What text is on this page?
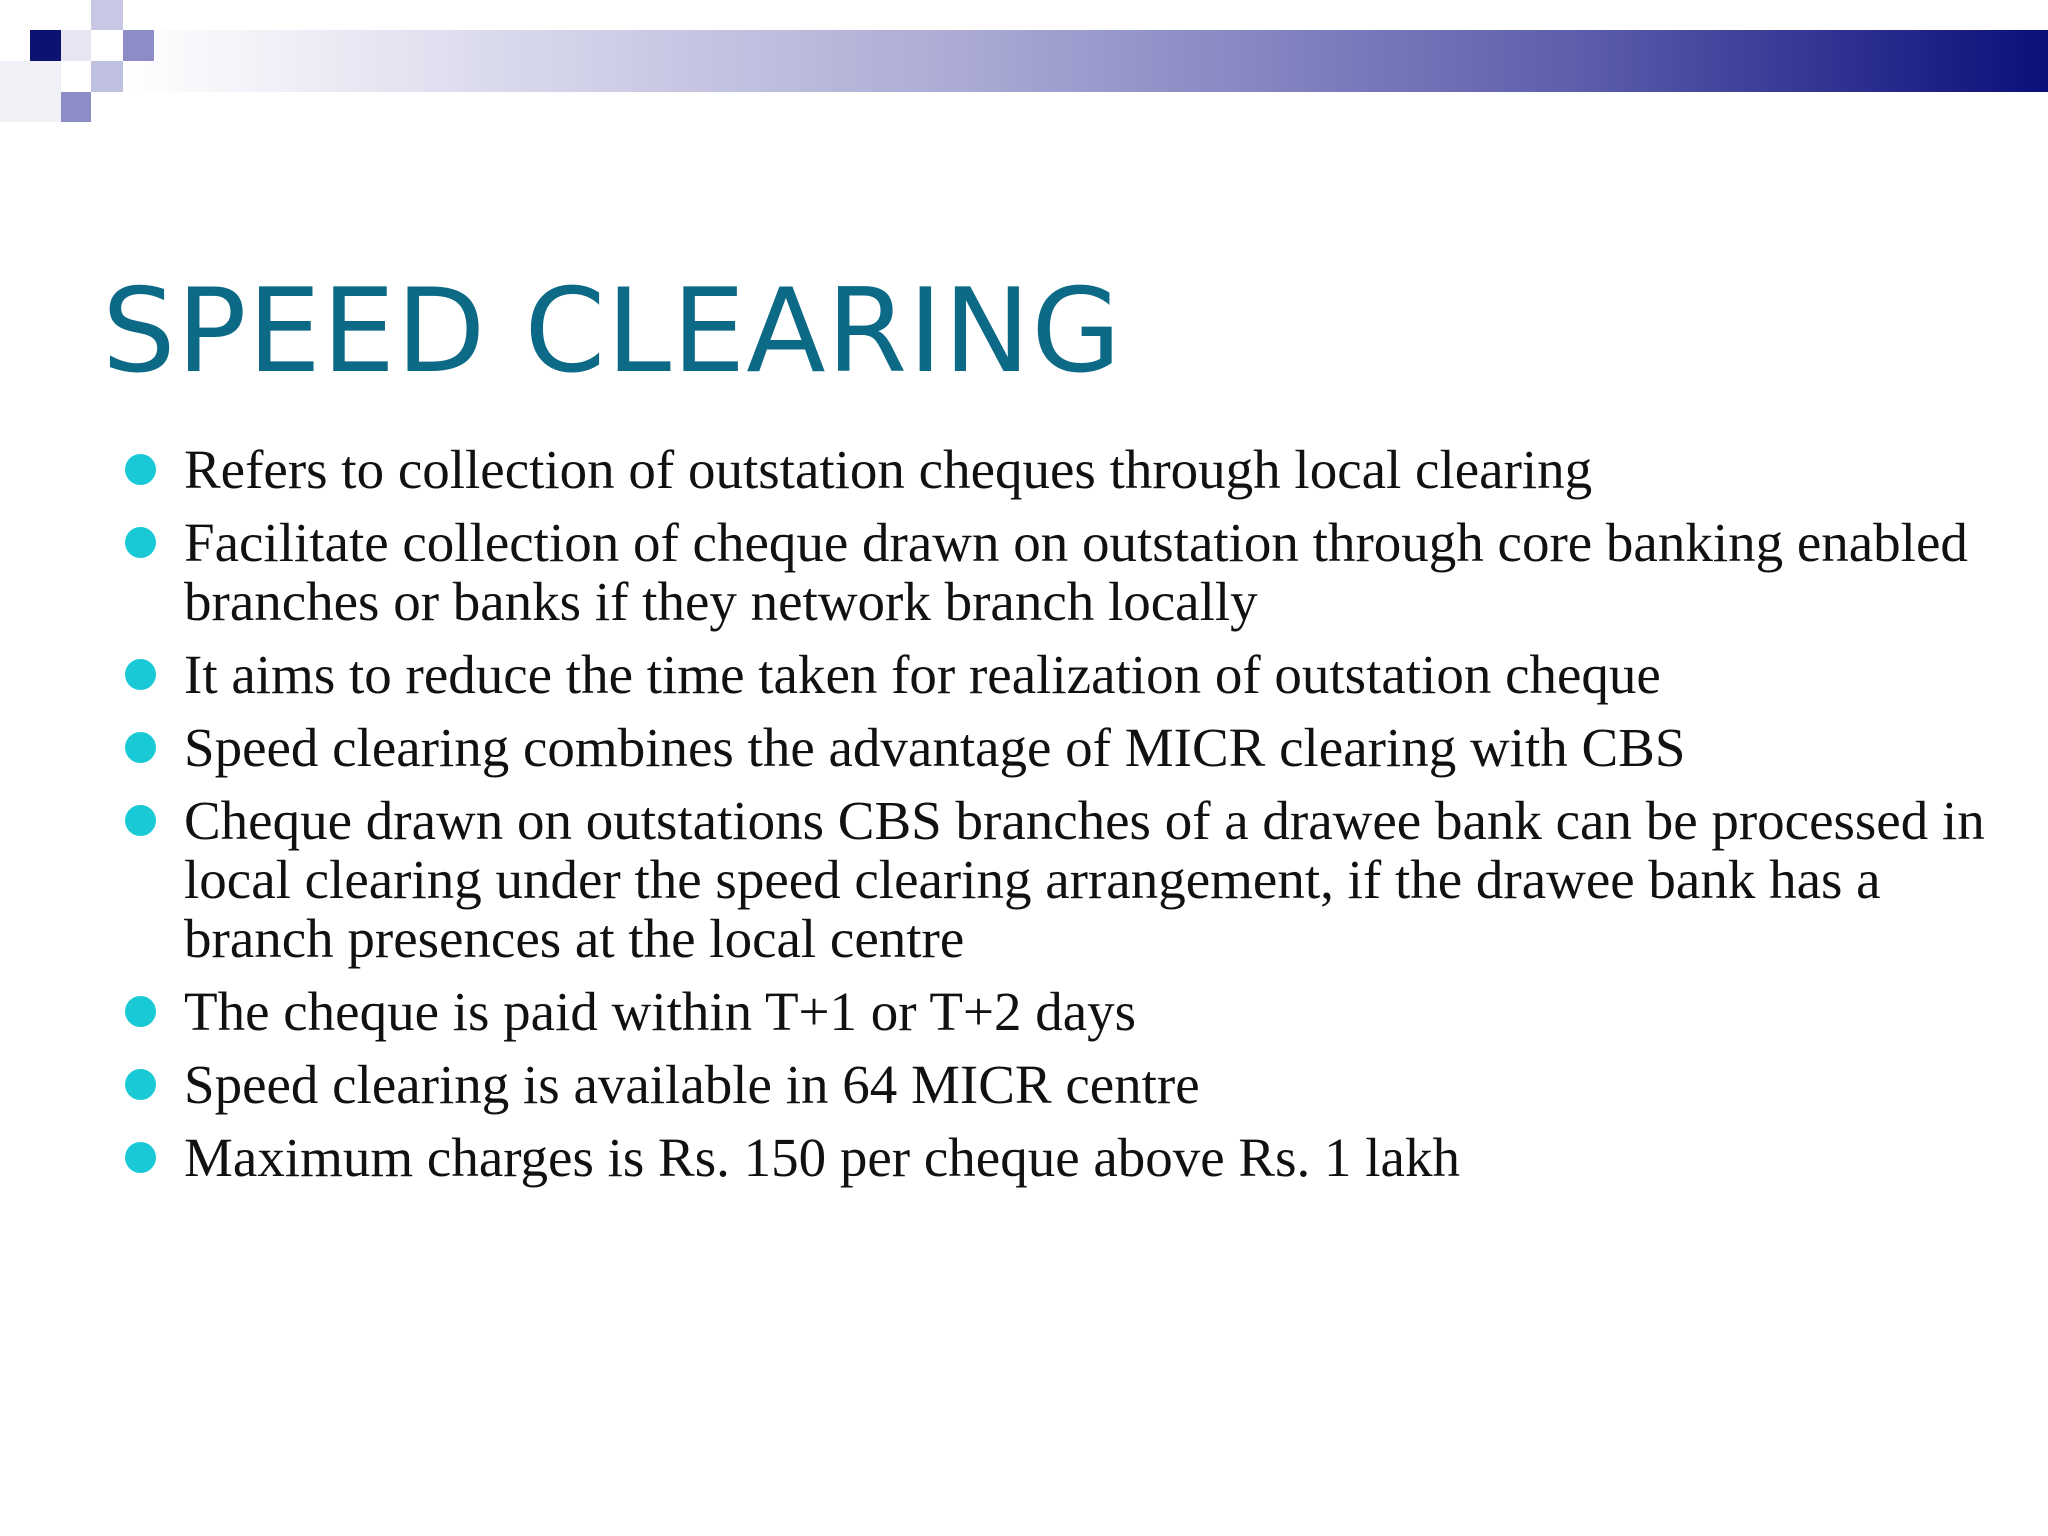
SPEED CLEARING
Refers to collection of outstation cheques through local clearing
Facilitate collection of cheque drawn on outstation through core banking enabled branches or banks if they network branch locally
It aims to reduce the time taken for realization of outstation cheque
Speed clearing combines the advantage of MICR clearing with CBS
Cheque drawn on outstations CBS branches of a drawee bank can be processed in local clearing under the speed clearing arrangement, if the drawee bank has a branch presences at the local centre
The cheque is paid within T+1 or T+2 days
Speed clearing is available in 64 MICR centre
Maximum charges is Rs. 150 per cheque above Rs. 1 lakh
